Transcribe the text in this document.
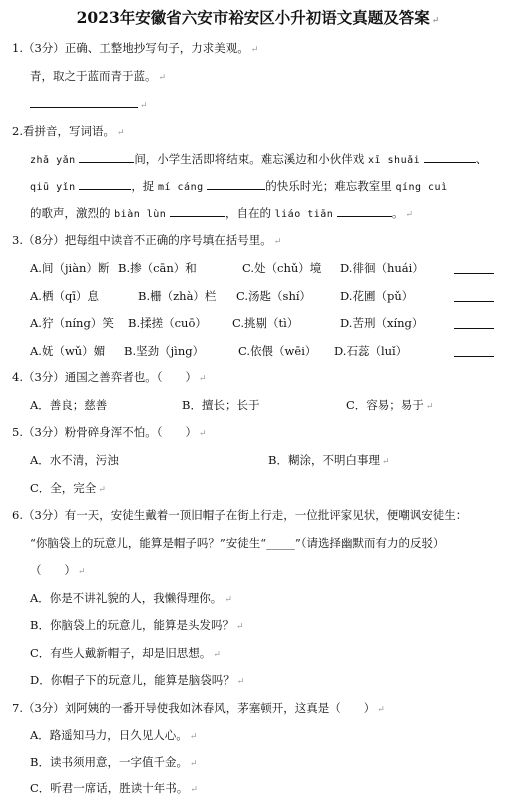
2023年安徽省六安市裕安区小升初语文真题及答案 ↵
1.（3分）正确、工整地抄写句子，力求美观。 ↵
青，取之于蓝而青于蓝。 ↵
↵
2.看拼音，写词语。 ↵
zhǎ yǎn	间，小学生活即将结束。难忘溪边和小伙伴戏 xī shuǎi	、
qiū yǐn	，捉 mí cáng	的快乐时光；难忘教室里 qíng cuì
的歌声，激烈的 biàn lùn	，自在的 liáo tiān	。 ↵
3.（8分）把每组中读音不正确的序号填在括号里。 ↵
A.间（jiàn）断 B.掺（cān）和	C.处（chǔ）境 D.徘徊（huái）
A.栖（qī）息	B.栅（zhà）栏 C.汤匙（shí）	D.花圃（pǔ）
A.狞（níng）笑 B.揉搓（cuō） C.挑剔（tì）	D.苦刑（xíng）
A.妩（wǔ）媚 B.坚劲（jìng）	C.依偎（wēi） D.石蕊（luǐ）
4.（3分）通国之善弈者也。（　　） ↵
A．善良；慈善	B．擅长；长于	C．容易；易于 ↵
5.（3分）粉骨碎身浑不怕。（　　） ↵
A．水不清，污浊	B．糊涂，不明白事理 ↵
C．全，完全 ↵
6.（3分）有一天，安徒生戴着一顶旧帽子在街上行走，一位批评家见状，便嘲讽安徒生：
“你脑袋上的玩意儿，能算是帽子吗？”安徒生“_____”（请选择幽默而有力的反驳）
（　　） ↵
A．你是不讲礼貌的人，我懒得理你。 ↵
B．你脑袋上的玩意儿，能算是头发吗？ ↵
C．有些人戴新帽子，却是旧思想。 ↵
D．你帽子下的玩意儿，能算是脑袋吗？ ↵
7.（3分）刘阿姨的一番开导使我如沐春风，茅塞顿开，这真是（　　） ↵
A．路遥知马力，日久见人心。 ↵
B．读书须用意，一字值千金。 ↵
C．听君一席话，胜读十年书。 ↵
